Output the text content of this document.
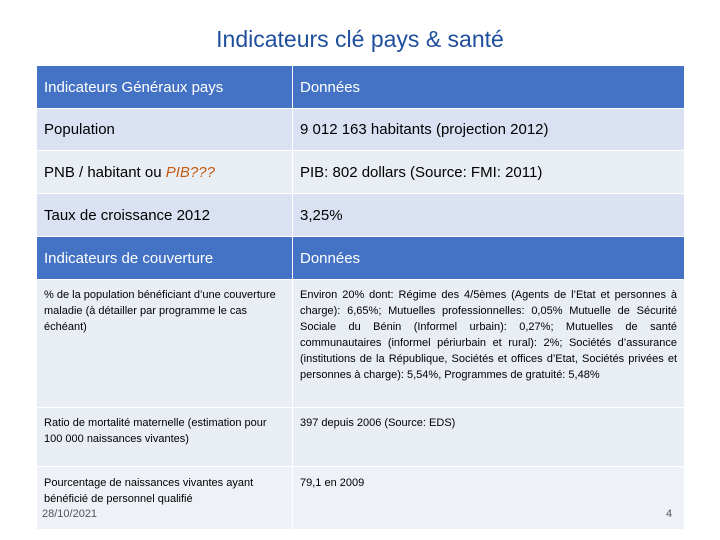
Indicateurs clé pays & santé
Indicateurs Généraux pays	Données
Population	9 012 163 habitants (projection 2012)
PNB / habitant ou PIB???	PIB: 802 dollars (Source: FMI: 2011)
Taux de croissance 2012	3,25%
Indicateurs de couverture	Données
% de la population bénéficiant d’une couverture maladie (à détailler par programme le cas échéant)	Environ 20% dont: Régime des 4/5èmes (Agents de l’Etat et personnes à charge): 6,65%; Mutuelles professionnelles: 0,05% Mutuelle de Sécurité Sociale du Bénin (Informel urbain): 0,27%; Mutuelles de santé communautaires (informel périurbain et rural): 2%; Sociétés d’assurance (institutions de la République, Sociétés et offices d’Etat, Sociétés privées et personnes à charge): 5,54%, Programmes de gratuité: 5,48%
Ratio de mortalité maternelle (estimation pour 100 000 naissances vivantes)	397 depuis 2006 (Source: EDS)
Pourcentage de naissances vivantes ayant bénéficié de personnel qualifié	79,1 en 2009
28/10/2021	4
